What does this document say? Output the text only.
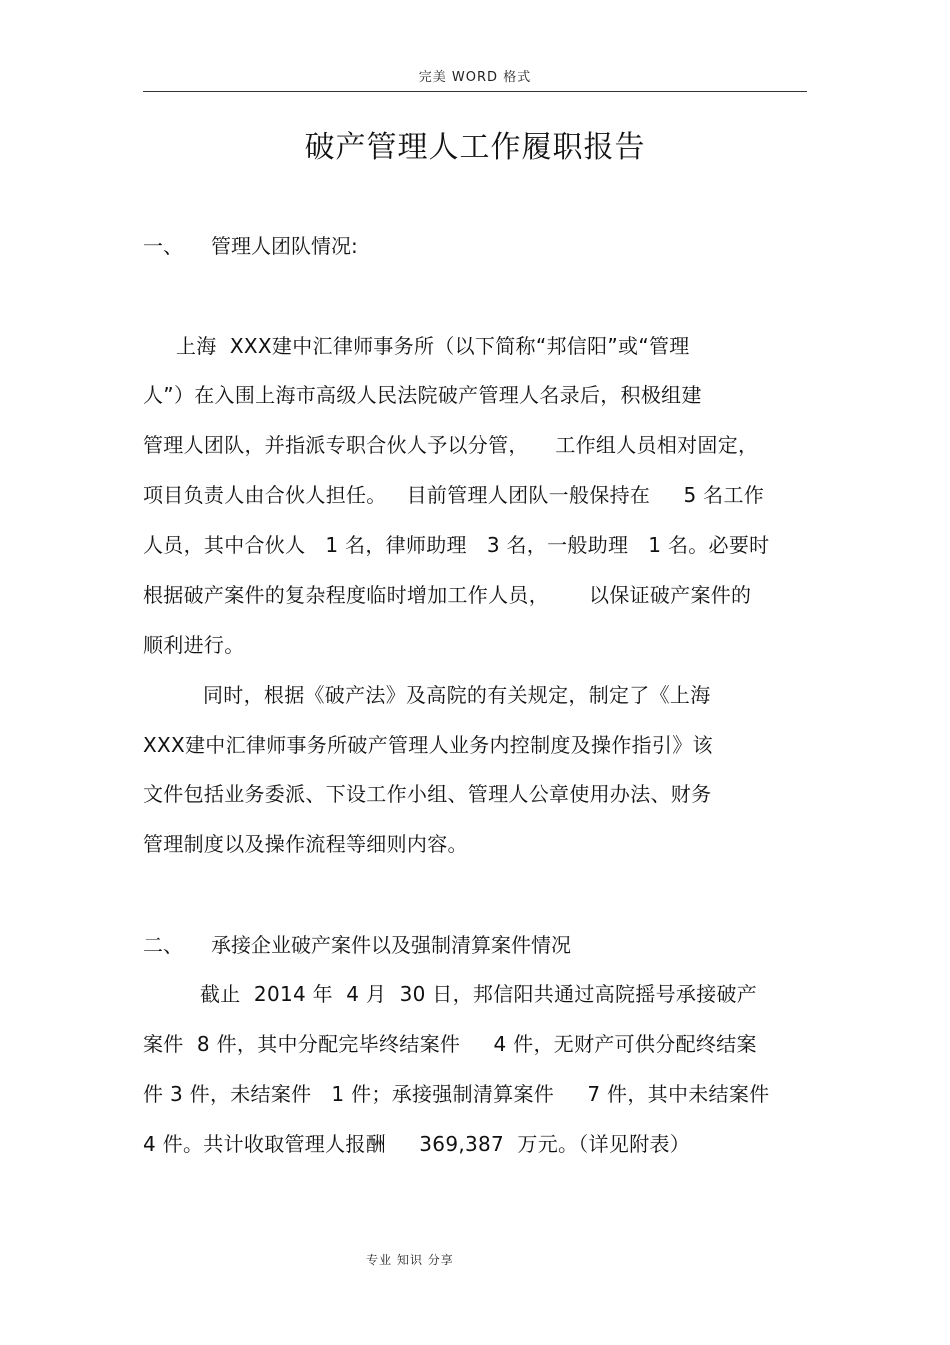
完美 WORD 格式
破产管理人工作履职报告
一、 管理人团队情况:
上海  XXX建中汇律师事务所（以下简称“邦信阳”或“管理
人”）在入围上海市高级人民法院破产管理人名录后，积极组建
管理人团队，并指派专职合伙人予以分管，    工作组人员相对固定，
项目负责人由合伙人担任。   目前管理人团队一般保持在     5 名工作
人员，其中合伙人   1 名，律师助理   3 名，一般助理   1 名。必要时
根据破产案件的复杂程度临时增加工作人员，      以保证破产案件的
顺利进行。
同时，根据《破产法》及高院的有关规定，制定了《上海
XXX建中汇律师事务所破产管理人业务内控制度及操作指引》该
文件包括业务委派、下设工作小组、管理人公章使用办法、财务
管理制度以及操作流程等细则内容。
二、 承接企业破产案件以及强制清算案件情况
截止  2014 年  4 月  30 日，邦信阳共通过高院摇号承接破产
案件  8 件，其中分配完毕终结案件     4 件，无财产可供分配终结案
件 3 件，未结案件   1 件；承接强制清算案件     7 件，其中未结案件
4 件。共计收取管理人报酬     369,387  万元。（详见附表）
专业 知识 分享
